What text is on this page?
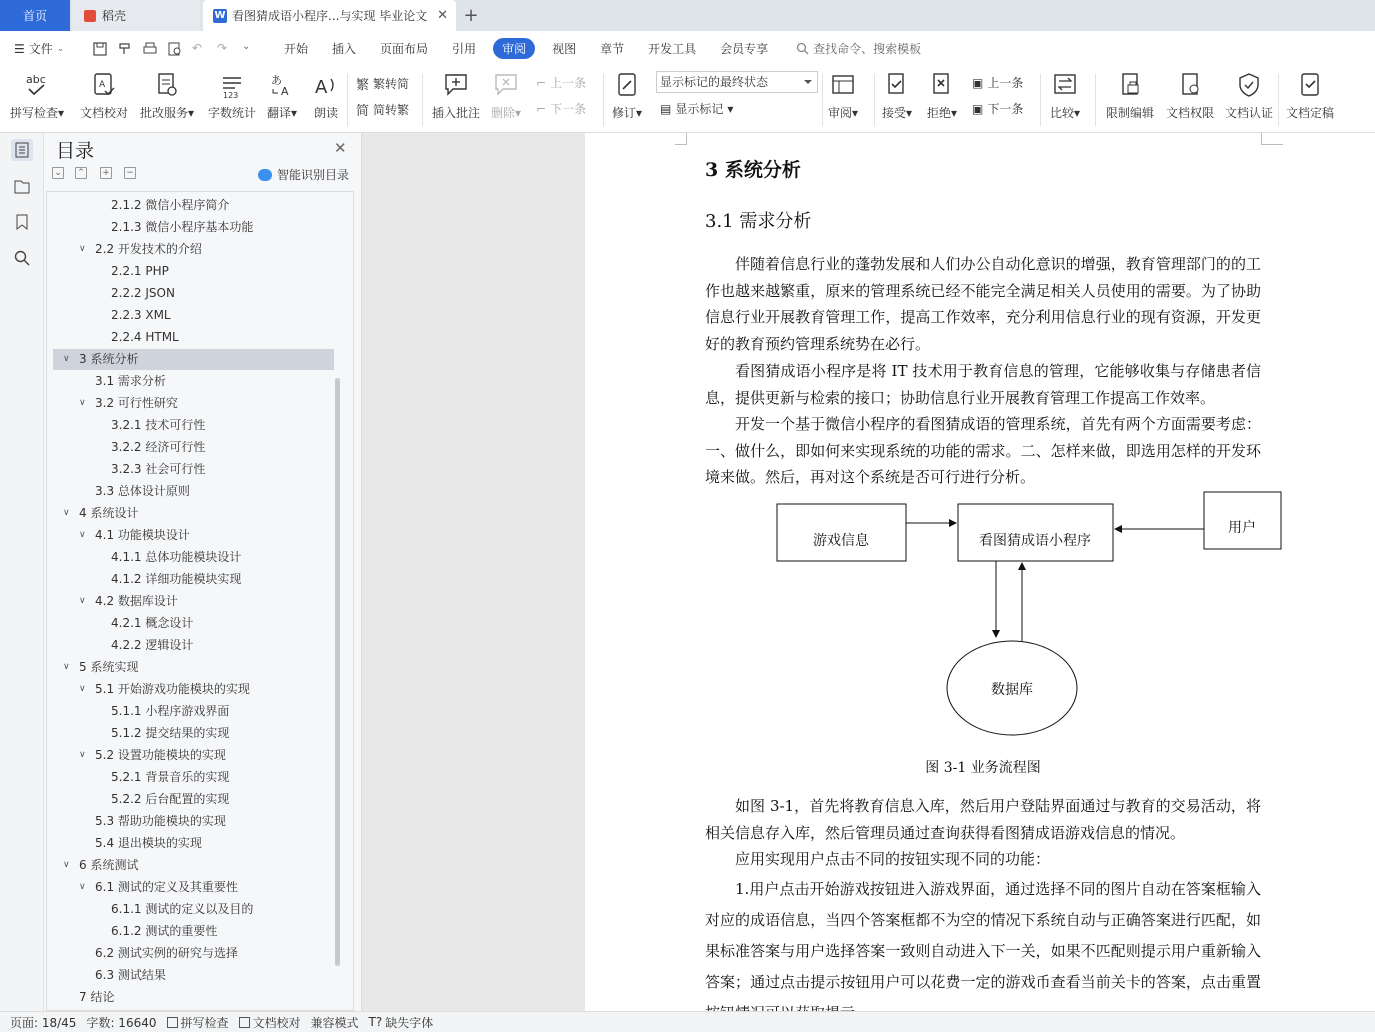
首页	稻壳	W 看图猜成语小程序...与实现 毕业论文 ✕ +
☰ 文件 ⌄	↶	↷	⌄	开始 插入 页面布局 引用	审阅	视图 章节 开发工具 会员专享	查找命令、搜索模板
abc
拼写检查▾
A
文档校对 批改服务▾
123
字数统计
あ
A
翻译▾
A
朗读
繁 繁转简
简 简转繁 插入批注 删除▾
⌐ 上一条
⌐ 下一条 修订▾ ▤ 显示标记 ▾	审阅▾ 接受▾ 拒绝▾
▣ 上一条
▣ 下一条 比较▾ 限制编辑 文档权限 文档认证 文档定稿
显示标记的最终状态
目录	✕
⌄ ⌃ + −	智能识别目录
2.1.2 微信小程序简介
2.1.3 微信小程序基本功能
∨ 2.2 开发技术的介绍
2.2.1 PHP
2.2.2 JSON
2.2.3 XML
2.2.4 HTML
∨ 3 系统分析
3.1 需求分析
∨ 3.2 可行性研究
3.2.1 技术可行性
3.2.2 经济可行性
3.2.3 社会可行性
3.3 总体设计原则
∨ 4 系统设计
∨ 4.1 功能模块设计
4.1.1 总体功能模块设计
4.1.2 详细功能模块实现
∨ 4.2 数据库设计
4.2.1 概念设计
4.2.2 逻辑设计
∨ 5 系统实现
∨ 5.1 开始游戏功能模块的实现
5.1.1 小程序游戏界面
5.1.2 提交结果的实现
∨ 5.2 设置功能模块的实现
5.2.1 背景音乐的实现
5.2.2 后台配置的实现
5.3 帮助功能模块的实现
5.4 退出模块的实现
∨ 6 系统测试
∨ 6.1 测试的定义及其重要性
6.1.1 测试的定义以及目的
6.1.2 测试的重要性
6.2 测试实例的研究与选择
6.3 测试结果
7 结论
3 系统分析
3.1 需求分析
伴随着信息行业的蓬勃发展和人们办公自动化意识的增强，教育管理部门的的工作也越来越繁重，原来的管理系统已经不能完全满足相关人员使用的需要。为了协助信息行业开展教育管理工作，提高工作效率，充分利用信息行业的现有资源，开发更好的教育预约管理系统势在必行。
看图猜成语小程序是将 IT 技术用于教育信息的管理，它能够收集与存储患者信息，提供更新与检索的接口；协助信息行业开展教育管理工作提高工作效率。
开发一个基于微信小程序的看图猜成语的管理系统，首先有两个方面需要考虑：一、做什么，即如何来实现系统的功能的需求。二、怎样来做，即选用怎样的开发环境来做。然后，再对这个系统是否可行进行分析。
游戏信息	看图猜成语小程序
用户
数据库
图 3-1 业务流程图
如图 3-1，首先将教育信息入库，然后用户登陆界面通过与教育的交易活动，将相关信息存入库，然后管理员通过查询获得看图猜成语游戏信息的情况。
应用实现用户点击不同的按钮实现不同的功能：
1.用户点击开始游戏按钮进入游戏界面，通过选择不同的图片自动在答案框输入对应的成语信息，当四个答案框都不为空的情况下系统自动与正确答案进行匹配，如果标准答案与用户选择答案一致则自动进入下一关，如果不匹配则提示用户重新输入答案；通过点击提示按钮用户可以花费一定的游戏币查看当前关卡的答案，点击重置
页面: 18/45 字数: 16640 拼写检查 文档校对 兼容模式 T? 缺失字体
